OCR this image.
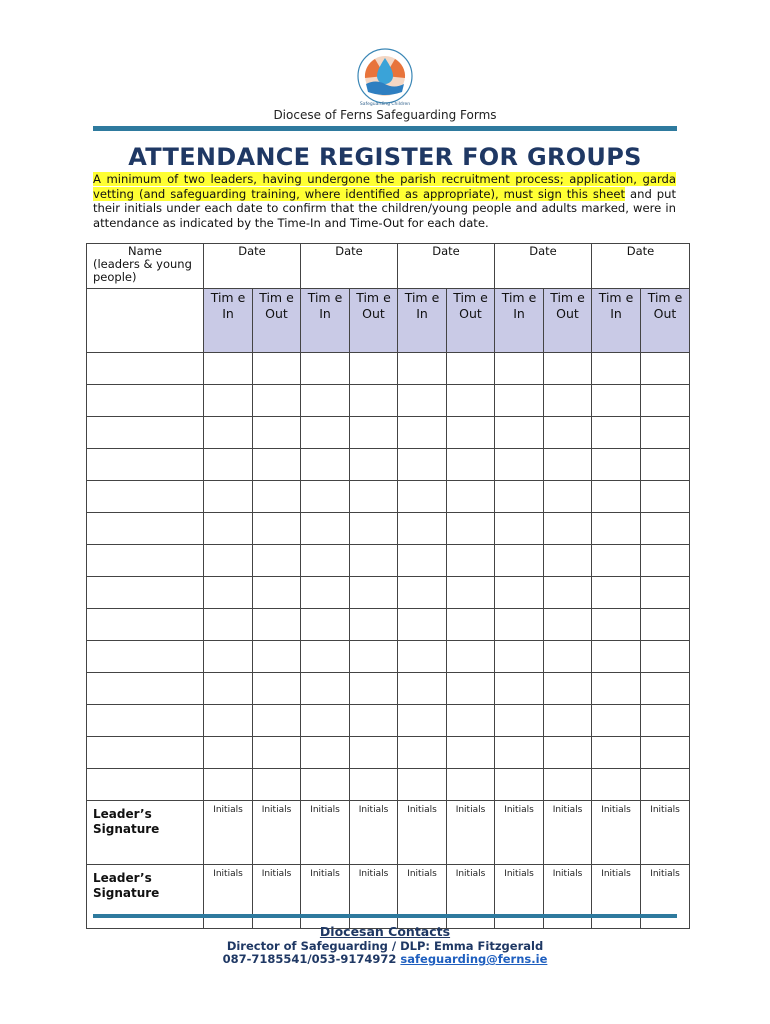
Safeguarding Children
Diocese of Ferns Safeguarding Forms
ATTENDANCE REGISTER FOR GROUPS
A minimum of two leaders, having undergone the parish recruitment process; application, garda vetting (and safeguarding training, where identified as appropriate), must sign this sheet and put their initials under each date to confirm that the children/young people and adults marked, were in attendance as indicated by the Time-In and Time-Out for each date.
Name
(leaders & young people)	Date		Date		Date		Date		Date	
	Tim e In	Tim e Out	Tim e In	Tim e Out	Tim e In	Tim e Out	Tim e In	Tim e Out	Tim e In	Tim e Out

Leader’s
Signature	Initials	Initials	Initials	Initials	Initials	Initials	Initials	Initials	Initials	Initials

Leader’s
Signature	Initials	Initials	Initials	Initials	Initials	Initials	Initials	Initials	Initials	Initials
Diocesan Contacts
Director of Safeguarding / DLP: Emma Fitzgerald
087-7185541/053-9174972 safeguarding@ferns.ie
